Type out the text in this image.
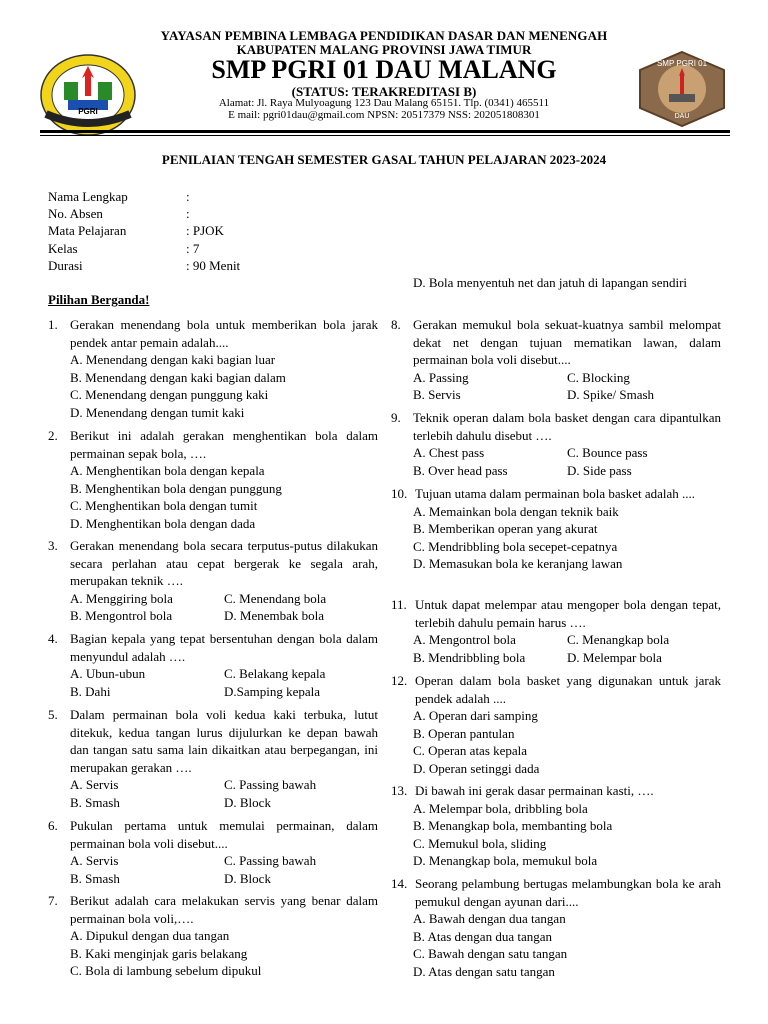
PGRI
SMP PGRI 01
DAU
YAYASAN PEMBINA LEMBAGA PENDIDIKAN DASAR DAN MENENGAH
KABUPATEN MALANG PROVINSI JAWA TIMUR
SMP PGRI 01 DAU MALANG
(STATUS: TERAKREDITASI B)
Alamat: Jl. Raya Mulyoagung 123 Dau Malang 65151. Tlp. (0341) 465511
E mail: pgri01dau@gmail.com NPSN: 20517379 NSS: 202051808301
PENILAIAN TENGAH SEMESTER GASAL TAHUN PELAJARAN 2023-2024
Nama Lengkap	:
No. Absen	:
Mata Pelajaran	: PJOK
Kelas	: 7
Durasi	: 90 Menit
Pilihan Berganda!
1. Gerakan menendang bola untuk memberikan bola jarak pendek antar pemain adalah....
A. Menendang dengan kaki bagian luar
B. Menendang dengan kaki bagian dalam
C. Menendang dengan punggung kaki
D. Menendang dengan tumit kaki
2. Berikut ini adalah gerakan menghentikan bola dalam permainan sepak bola, ….
A. Menghentikan bola dengan kepala
B. Menghentikan bola dengan punggung
C. Menghentikan bola dengan tumit
D. Menghentikan bola dengan dada
3. Gerakan menendang bola secara terputus-putus dilakukan secara perlahan atau cepat bergerak ke segala arah, merupakan teknik ….
A. Menggiring bola	C. Menendang bola
B. Mengontrol bola	D. Menembak bola
4. Bagian kepala yang tepat bersentuhan dengan bola dalam menyundul adalah ….
A. Ubun-ubun	C. Belakang kepala
B. Dahi	D.Samping kepala
5. Dalam permainan bola voli kedua kaki terbuka, lutut ditekuk, kedua tangan lurus dijulurkan ke depan bawah dan tangan satu sama lain dikaitkan atau berpegangan, ini merupakan gerakan ….
A. Servis	C. Passing bawah
B. Smash	D. Block
6. Pukulan pertama untuk memulai permainan, dalam permainan bola voli disebut....
A. Servis	C. Passing bawah
B. Smash	D. Block
7. Berikut adalah cara melakukan servis yang benar dalam permainan bola voli,….
A. Dipukul dengan dua tangan
B. Kaki menginjak garis belakang
C. Bola di lambung sebelum dipukul
D. Bola menyentuh net dan jatuh di lapangan sendiri
8. Gerakan memukul bola sekuat-kuatnya sambil melompat dekat net dengan tujuan mematikan lawan, dalam permainan bola voli disebut....
A. Passing	C. Blocking
B. Servis	D. Spike/ Smash
9. Teknik operan dalam bola basket dengan cara dipantulkan terlebih dahulu disebut ….
A. Chest pass	C. Bounce pass
B. Over head pass	D. Side pass
10. Tujuan utama dalam permainan bola basket adalah ....
A. Memainkan bola dengan teknik baik
B. Memberikan operan yang akurat
C. Mendribbling bola secepet-cepatnya
D. Memasukan bola ke keranjang lawan
11. Untuk dapat melempar atau mengoper bola dengan tepat, terlebih dahulu pemain harus ….
A. Mengontrol bola	C. Menangkap bola
B. Mendribbling bola	D. Melempar bola
12. Operan dalam bola basket yang digunakan untuk jarak pendek adalah ....
A. Operan dari samping
B. Operan pantulan
C. Operan atas kepala
D. Operan setinggi dada
13. Di bawah ini gerak dasar permainan kasti, ….
A. Melempar bola, dribbling bola
B. Menangkap bola, membanting bola
C. Memukul bola, sliding
D. Menangkap bola, memukul bola
14. Seorang pelambung bertugas melambungkan bola ke arah pemukul dengan ayunan dari....
A. Bawah dengan dua tangan
B. Atas dengan dua tangan
C. Bawah dengan satu tangan
D. Atas dengan satu tangan
